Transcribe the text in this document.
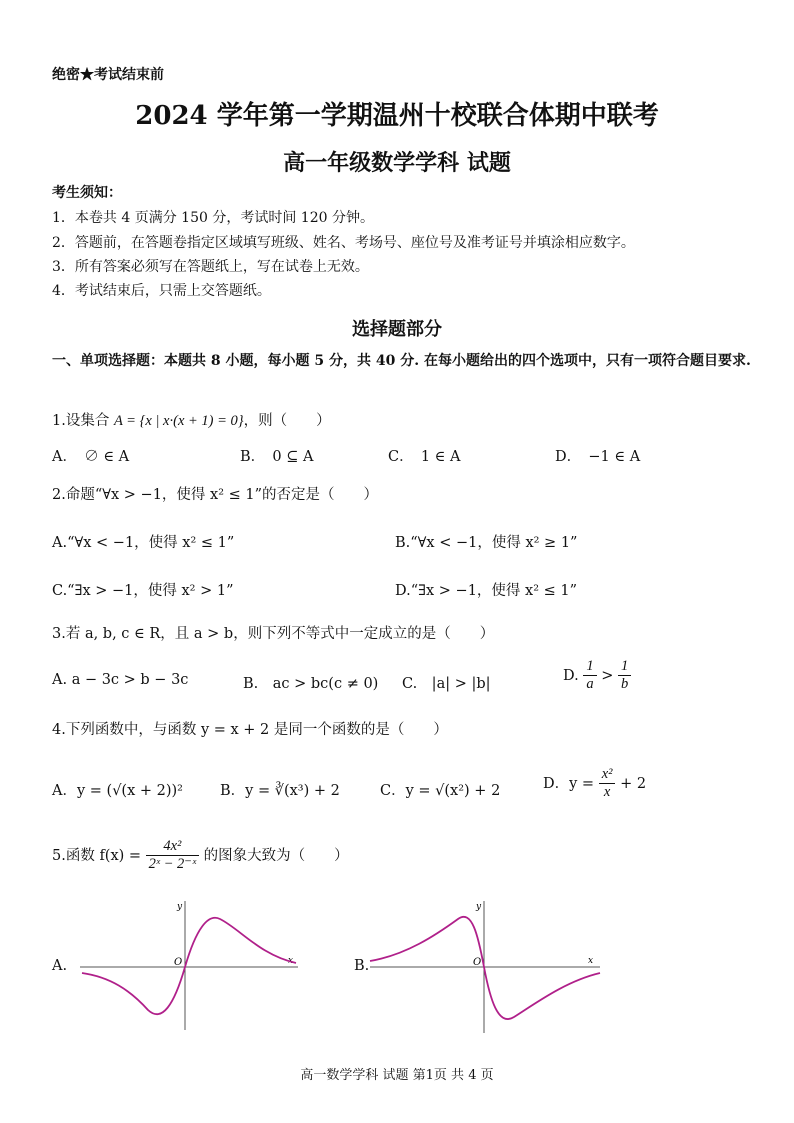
绝密★考试结束前
2024 学年第一学期温州十校联合体期中联考
高一年级数学学科 试题
考生须知：
1．本卷共 4 页满分 150 分，考试时间 120 分钟。
2．答题前，在答题卷指定区域填写班级、姓名、考场号、座位号及准考证号并填涂相应数字。
3．所有答案必须写在答题纸上，写在试卷上无效。
4．考试结束后，只需上交答题纸。
选择题部分
一、单项选择题：本题共 8 小题，每小题 5 分，共 40 分. 在每小题给出的四个选项中，只有一项符合题目要求.
1.设集合 A = {x | x·(x + 1) = 0}，则（　　）
A．　∅ ∈ A	B．　0 ⊆ A	C．　1 ∈ A	D．　−1 ∈ A
2.命题“∀x > −1，使得 x² ≤ 1”的否定是（　　）
A.“∀x < −1，使得 x² ≤ 1”	B.“∀x < −1，使得 x² ≥ 1”
C.“∃x > −1，使得 x² > 1”	D.“∃x > −1，使得 x² ≤ 1”
3.若 a, b, c ∈ R，且 a > b，则下列不等式中一定成立的是（　　）
A. a − 3c > b − 3c	B.　ac > bc(c ≠ 0) C.　|a| > |b|
D. $\frac{1}{a} > \frac{1}{b}$
4.下列函数中，与函数 y = x + 2 是同一个函数的是（　　）
A．y = (√(x + 2))²	B．y = ∛(x³) + 2	C．y = √(x²) + 2	D．$y = \frac{\text{x²}}{x} + 2$
5.函数 $f(x) = \frac{\text{4x²}}{\text{2ˣ − 2⁻ˣ}}$ 的图象大致为（　　）
A.	x
y
O	B.	x
y
O
高一数学学科 试题 第1页 共 4 页
